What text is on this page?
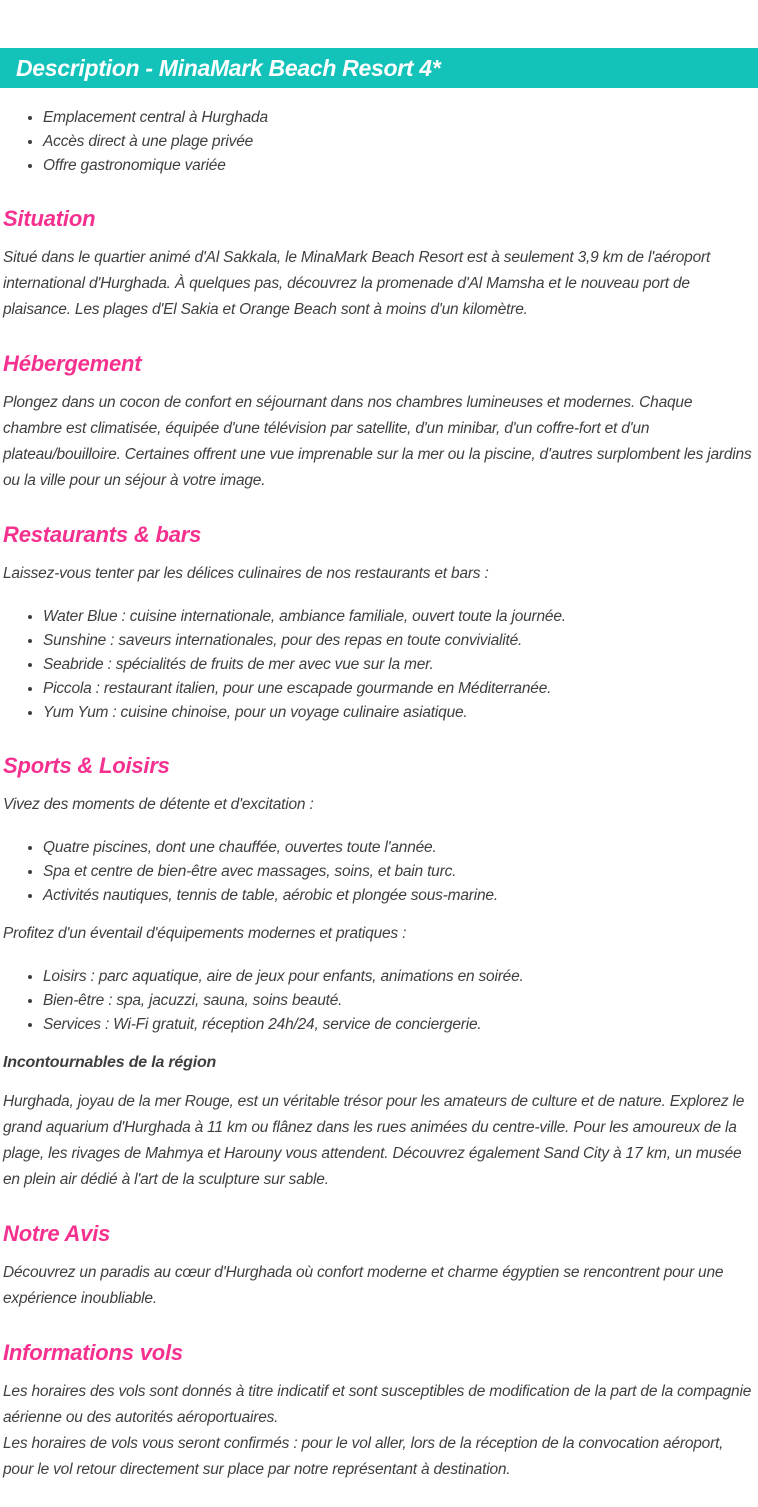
Description - MinaMark Beach Resort 4*
• Emplacement central à Hurghada
• Accès direct à une plage privée
• Offre gastronomique variée
Situation

Situé dans le quartier animé d'Al Sakkala, le MinaMark Beach Resort est à seulement 3,9 km de l'aéroport international d'Hurghada. À quelques pas, découvrez la promenade d'Al Mamsha et le nouveau port de plaisance. Les plages d'El Sakia et Orange Beach sont à moins d'un kilomètre.

Hébergement

Plongez dans un cocon de confort en séjournant dans nos chambres lumineuses et modernes. Chaque chambre est climatisée, équipée d'une télévision par satellite, d'un minibar, d'un coffre-fort et d'un plateau/bouilloire. Certaines offrent une vue imprenable sur la mer ou la piscine, d'autres surplombent les jardins ou la ville pour un séjour à votre image.

Restaurants & bars

Laissez-vous tenter par les délices culinaires de nos restaurants et bars :

• Water Blue : cuisine internationale, ambiance familiale, ouvert toute la journée.
• Sunshine : saveurs internationales, pour des repas en toute convivialité.
• Seabride : spécialités de fruits de mer avec vue sur la mer.
• Piccola : restaurant italien, pour une escapade gourmande en Méditerranée.
• Yum Yum : cuisine chinoise, pour un voyage culinaire asiatique.
Sports & Loisirs

Vivez des moments de détente et d'excitation :

• Quatre piscines, dont une chauffée, ouvertes toute l'année.
• Spa et centre de bien-être avec massages, soins, et bain turc.
• Activités nautiques, tennis de table, aérobic et plongée sous-marine.

Profitez d'un éventail d'équipements modernes et pratiques :

• Loisirs : parc aquatique, aire de jeux pour enfants, animations en soirée.
• Bien-être : spa, jacuzzi, sauna, soins beauté.
• Services : Wi-Fi gratuit, réception 24h/24, service de conciergerie.

Incontournables de la région

Hurghada, joyau de la mer Rouge, est un véritable trésor pour les amateurs de culture et de nature. Explorez le grand aquarium d'Hurghada à 11 km ou flânez dans les rues animées du centre-ville. Pour les amoureux de la plage, les rivages de Mahmya et Harouny vous attendent. Découvrez également Sand City à 17 km, un musée en plein air dédié à l'art de la sculpture sur sable.

Notre Avis

Découvrez un paradis au cœur d'Hurghada où confort moderne et charme égyptien se rencontrent pour une expérience inoubliable.

Informations vols

Les horaires des vols sont donnés à titre indicatif et sont susceptibles de modification de la part de la compagnie aérienne ou des autorités aéroportuaires.

Les horaires de vols vous seront confirmés : pour le vol aller, lors de la réception de la convocation aéroport, pour le vol retour directement sur place par notre représentant à destination.
